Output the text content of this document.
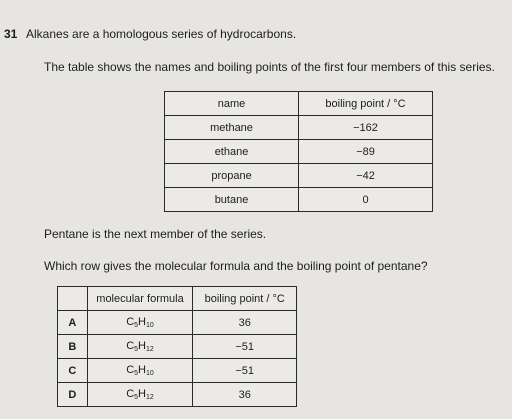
31 Alkanes are a homologous series of hydrocarbons.
The table shows the names and boiling points of the first four members of this series.
name	boiling point / °C
methane	−162
ethane	−89
propane	−42
butane	0
Pentane is the next member of the series.
Which row gives the molecular formula and the boiling point of pentane?
	molecular formula	boiling point / °C
A	$C_5H_{10}$	36
B	$C_5H_{12}$	−51
C	$C_5H_{10}$	−51
D	$C_5H_{12}$	36
